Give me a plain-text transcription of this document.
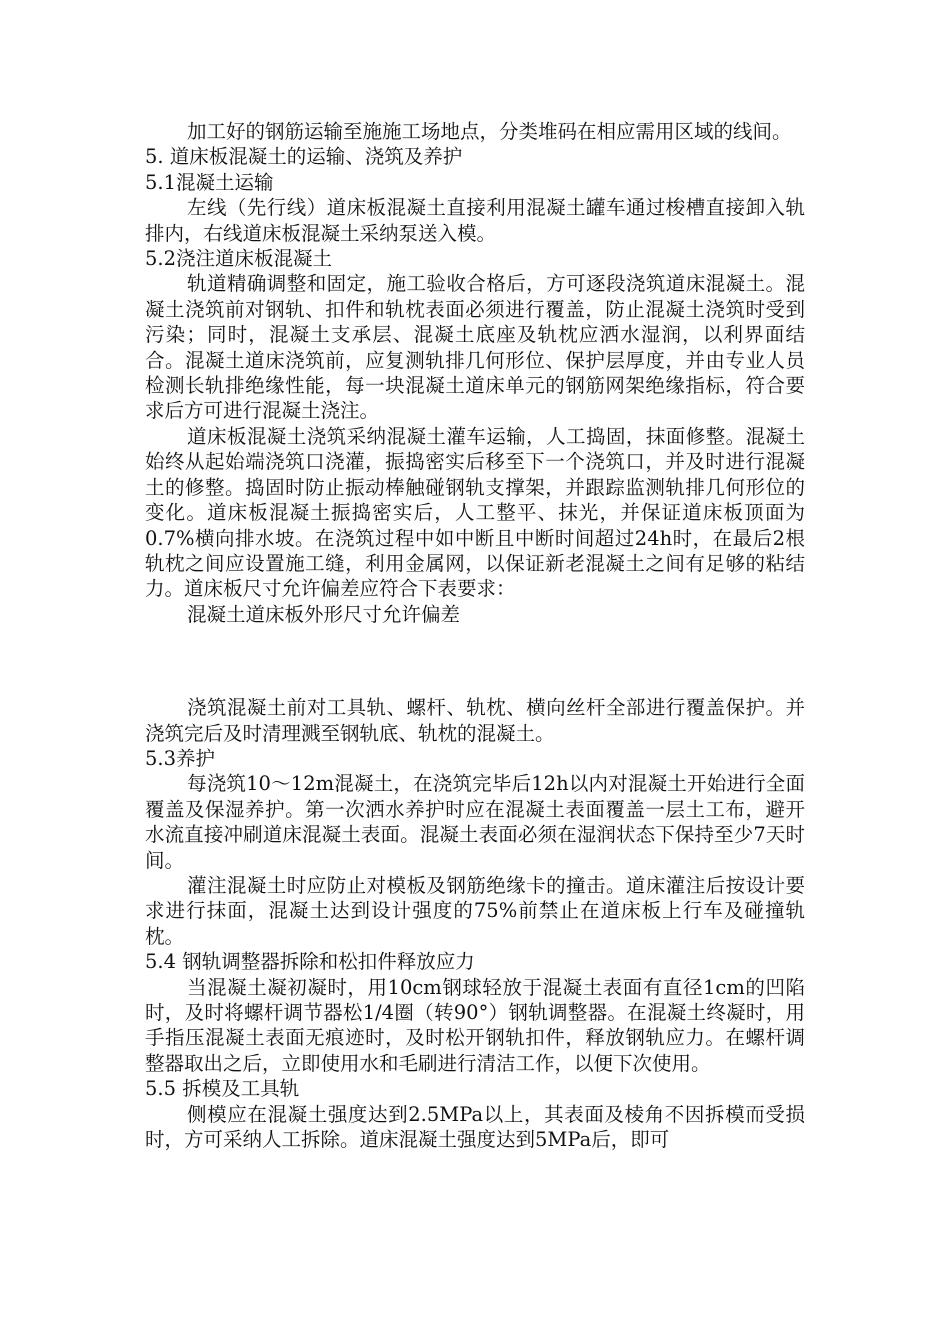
加工好的钢筋运输至施施工场地点，分类堆码在相应需用区域的线间。

5. 道床板混凝土的运输、浇筑及养护

5.1混凝土运输

左线（先行线）道床板混凝土直接利用混凝土罐车通过梭槽直接卸入轨排内，右线道床板混凝土采纳泵送入模。

5.2浇注道床板混凝土

轨道精确调整和固定，施工验收合格后，方可逐段浇筑道床混凝土。混凝土浇筑前对钢轨、扣件和轨枕表面必须进行覆盖，防止混凝土浇筑时受到污染；同时，混凝土支承层、混凝土底座及轨枕应洒水湿润，以利界面结合。混凝土道床浇筑前，应复测轨排几何形位、保护层厚度，并由专业人员检测长轨排绝缘性能，每一块混凝土道床单元的钢筋网架绝缘指标，符合要求后方可进行混凝土浇注。

道床板混凝土浇筑采纳混凝土灌车运输，人工捣固，抹面修整。混凝土始终从起始端浇筑口浇灌，振捣密实后移至下一个浇筑口，并及时进行混凝土的修整。捣固时防止振动棒触碰钢轨支撑架，并跟踪监测轨排几何形位的变化。道床板混凝土振捣密实后，人工整平、抹光，并保证道床板顶面为0.7%横向排水坡。在浇筑过程中如中断且中断时间超过24h时，在最后2根轨枕之间应设置施工缝，利用金属网，以保证新老混凝土之间有足够的粘结力。道床板尺寸允许偏差应符合下表要求：

混凝土道床板外形尺寸允许偏差

浇筑混凝土前对工具轨、螺杆、轨枕、横向丝杆全部进行覆盖保护。并浇筑完后及时清理溅至钢轨底、轨枕的混凝土。

5.3养护

每浇筑10～12m混凝土，在浇筑完毕后12h以内对混凝土开始进行全面覆盖及保湿养护。第一次洒水养护时应在混凝土表面覆盖一层土工布，避开水流直接冲刷道床混凝土表面。混凝土表面必须在湿润状态下保持至少7天时间。

灌注混凝土时应防止对模板及钢筋绝缘卡的撞击。道床灌注后按设计要求进行抹面，混凝土达到设计强度的75%前禁止在道床板上行车及碰撞轨枕。

5.4 钢轨调整器拆除和松扣件释放应力

当混凝土凝初凝时，用10cm钢球轻放于混凝土表面有直径1cm的凹陷时，及时将螺杆调节器松1/4圈（转90°）钢轨调整器。在混凝土终凝时，用手指压混凝土表面无痕迹时，及时松开钢轨扣件，释放钢轨应力。在螺杆调整器取出之后，立即使用水和毛刷进行清洁工作，以便下次使用。

5.5 拆模及工具轨

侧模应在混凝土强度达到2.5MPa以上，其表面及棱角不因拆模而受损时，方可采纳人工拆除。道床混凝土强度达到5MPa后，即可
